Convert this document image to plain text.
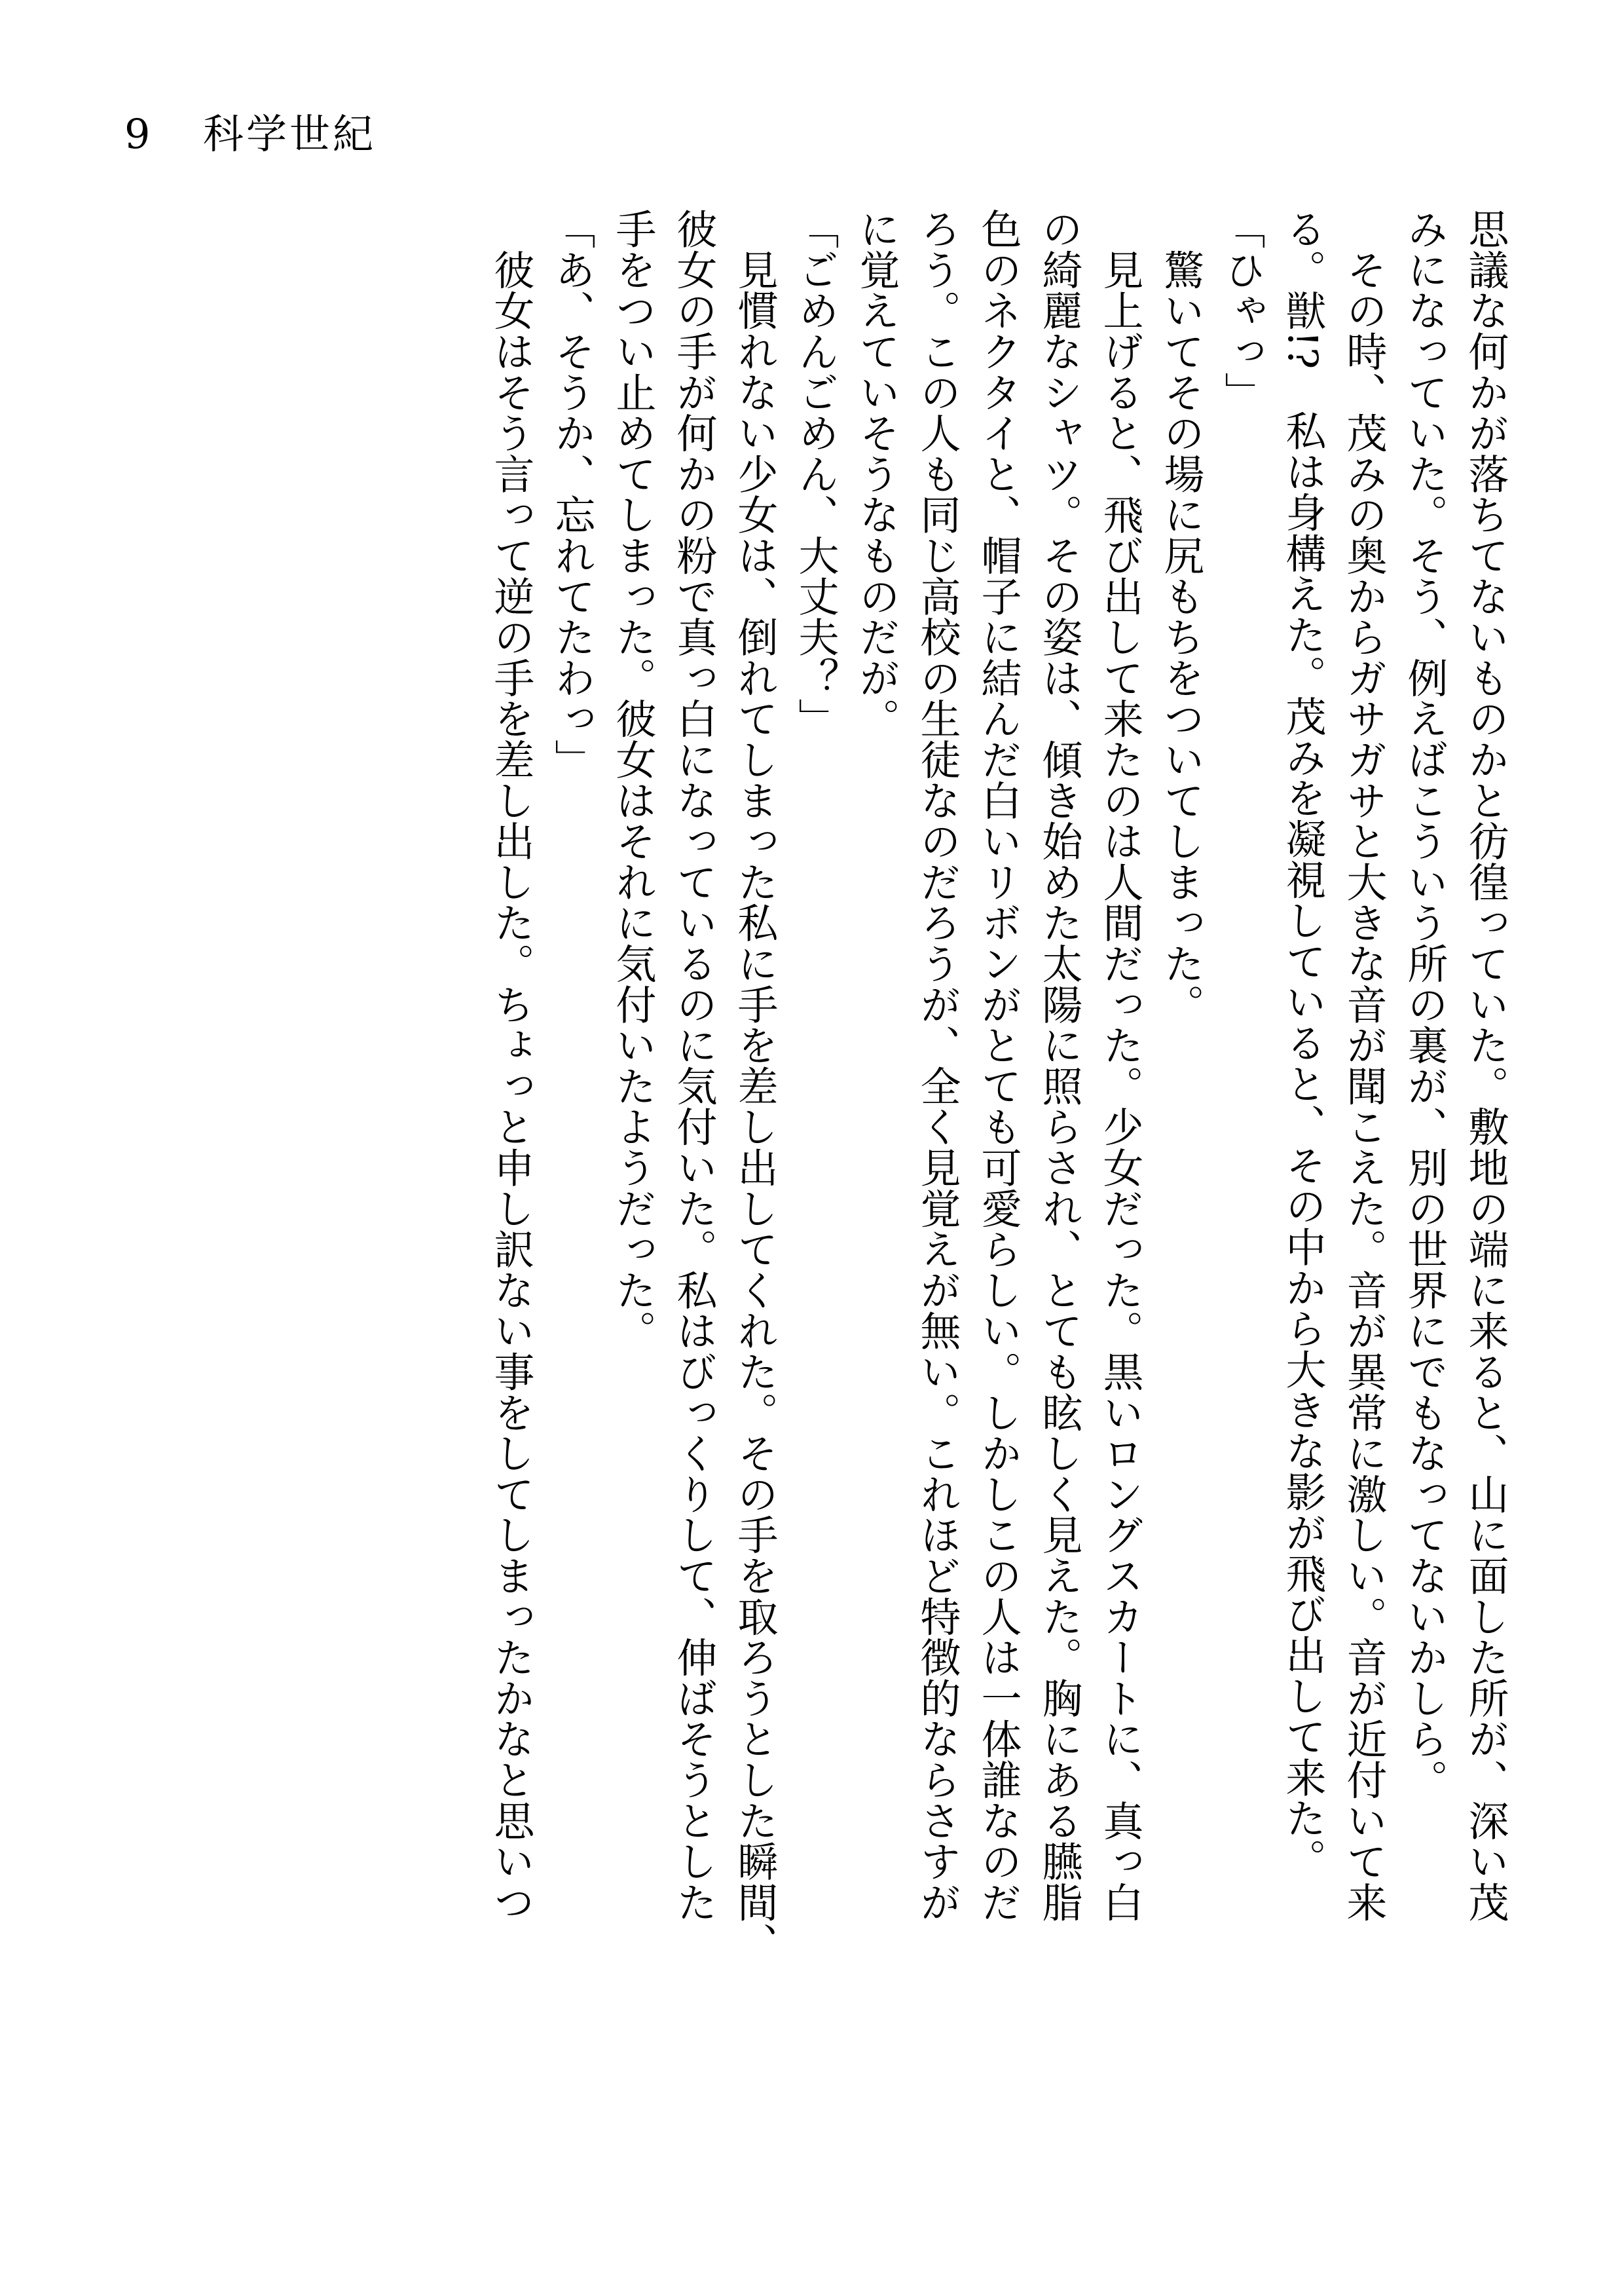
9	科学世紀

思議な何かが落ちてないものかと彷徨っていた。敷地の端に来ると、山に面した所が、深い茂

みになっていた。そう、例えばこういう所の裏が、別の世界にでもなってないかしら。

　その時、茂みの奥からガサガサと大きな音が聞こえた。音が異常に激しい。音が近付いて来

る。獣!?　私は身構えた。茂みを凝視していると、その中から大きな影が飛び出して来た。

「ひゃっ」

　驚いてその場に尻もちをついてしまった。

　見上げると、飛び出して来たのは人間だった。少女だった。黒いロングスカートに、真っ白

の綺麗なシャツ。その姿は、傾き始めた太陽に照らされ、とても眩しく見えた。胸にある臙脂

色のネクタイと、帽子に結んだ白いリボンがとても可愛らしい。しかしこの人は一体誰なのだ

ろう。この人も同じ高校の生徒なのだろうが、全く見覚えが無い。これほど特徴的ならさすが

に覚えていそうなものだが。

「ごめんごめん、大丈夫？」

　見慣れない少女は、倒れてしまった私に手を差し出してくれた。その手を取ろうとした瞬間、

彼女の手が何かの粉で真っ白になっているのに気付いた。私はびっくりして、伸ばそうとした

手をつい止めてしまった。彼女はそれに気付いたようだった。

「あ、そうか、忘れてたわっ」

　彼女はそう言って逆の手を差し出した。ちょっと申し訳ない事をしてしまったかなと思いつ
